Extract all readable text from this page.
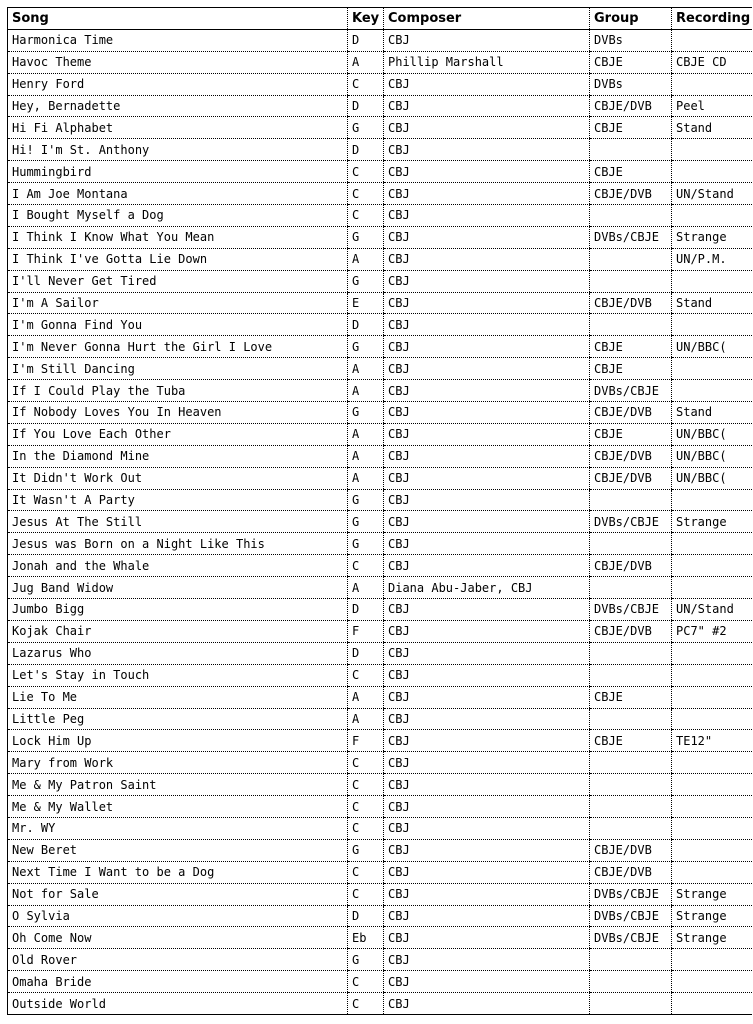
Song	Key	Composer	Group	Recording
Harmonica Time	D	CBJ	DVBs	
Havoc Theme	A	Phillip Marshall	CBJE	CBJE CD
Henry Ford	C	CBJ	DVBs	
Hey, Bernadette	D	CBJ	CBJE/DVB	Peel
Hi Fi Alphabet	G	CBJ	CBJE	Stand
Hi! I'm St. Anthony	D	CBJ		
Hummingbird	C	CBJ	CBJE	
I Am Joe Montana	C	CBJ	CBJE/DVB	UN/Stand
I Bought Myself a Dog	C	CBJ		
I Think I Know What You Mean	G	CBJ	DVBs/CBJE	Strange
I Think I've Gotta Lie Down	A	CBJ		UN/P.M.
I'll Never Get Tired	G	CBJ		
I'm A Sailor	E	CBJ	CBJE/DVB	Stand
I'm Gonna Find You	D	CBJ		
I'm Never Gonna Hurt the Girl I Love	G	CBJ	CBJE	UN/BBC(
I'm Still Dancing	A	CBJ	CBJE	
If I Could Play the Tuba	A	CBJ	DVBs/CBJE	
If Nobody Loves You In Heaven	G	CBJ	CBJE/DVB	Stand
If You Love Each Other	A	CBJ	CBJE	UN/BBC(
In the Diamond Mine	A	CBJ	CBJE/DVB	UN/BBC(
It Didn't Work Out	A	CBJ	CBJE/DVB	UN/BBC(
It Wasn't A Party	G	CBJ		
Jesus At The Still	G	CBJ	DVBs/CBJE	Strange
Jesus was Born on a Night Like This	G	CBJ		
Jonah and the Whale	C	CBJ	CBJE/DVB	
Jug Band Widow	A	Diana Abu-Jaber, CBJ		
Jumbo Bigg	D	CBJ	DVBs/CBJE	UN/Stand
Kojak Chair	F	CBJ	CBJE/DVB	PC7" #2
Lazarus Who	D	CBJ		
Let's Stay in Touch	C	CBJ		
Lie To Me	A	CBJ	CBJE	
Little Peg	A	CBJ		
Lock Him Up	F	CBJ	CBJE	TE12"
Mary from Work	C	CBJ		
Me & My Patron Saint	C	CBJ		
Me & My Wallet	C	CBJ		
Mr. WY	C	CBJ		
New Beret	G	CBJ	CBJE/DVB	
Next Time I Want to be a Dog	C	CBJ	CBJE/DVB	
Not for Sale	C	CBJ	DVBs/CBJE	Strange
O Sylvia	D	CBJ	DVBs/CBJE	Strange
Oh Come Now	Eb	CBJ	DVBs/CBJE	Strange
Old Rover	G	CBJ		
Omaha Bride	C	CBJ		
Outside World	C	CBJ		
